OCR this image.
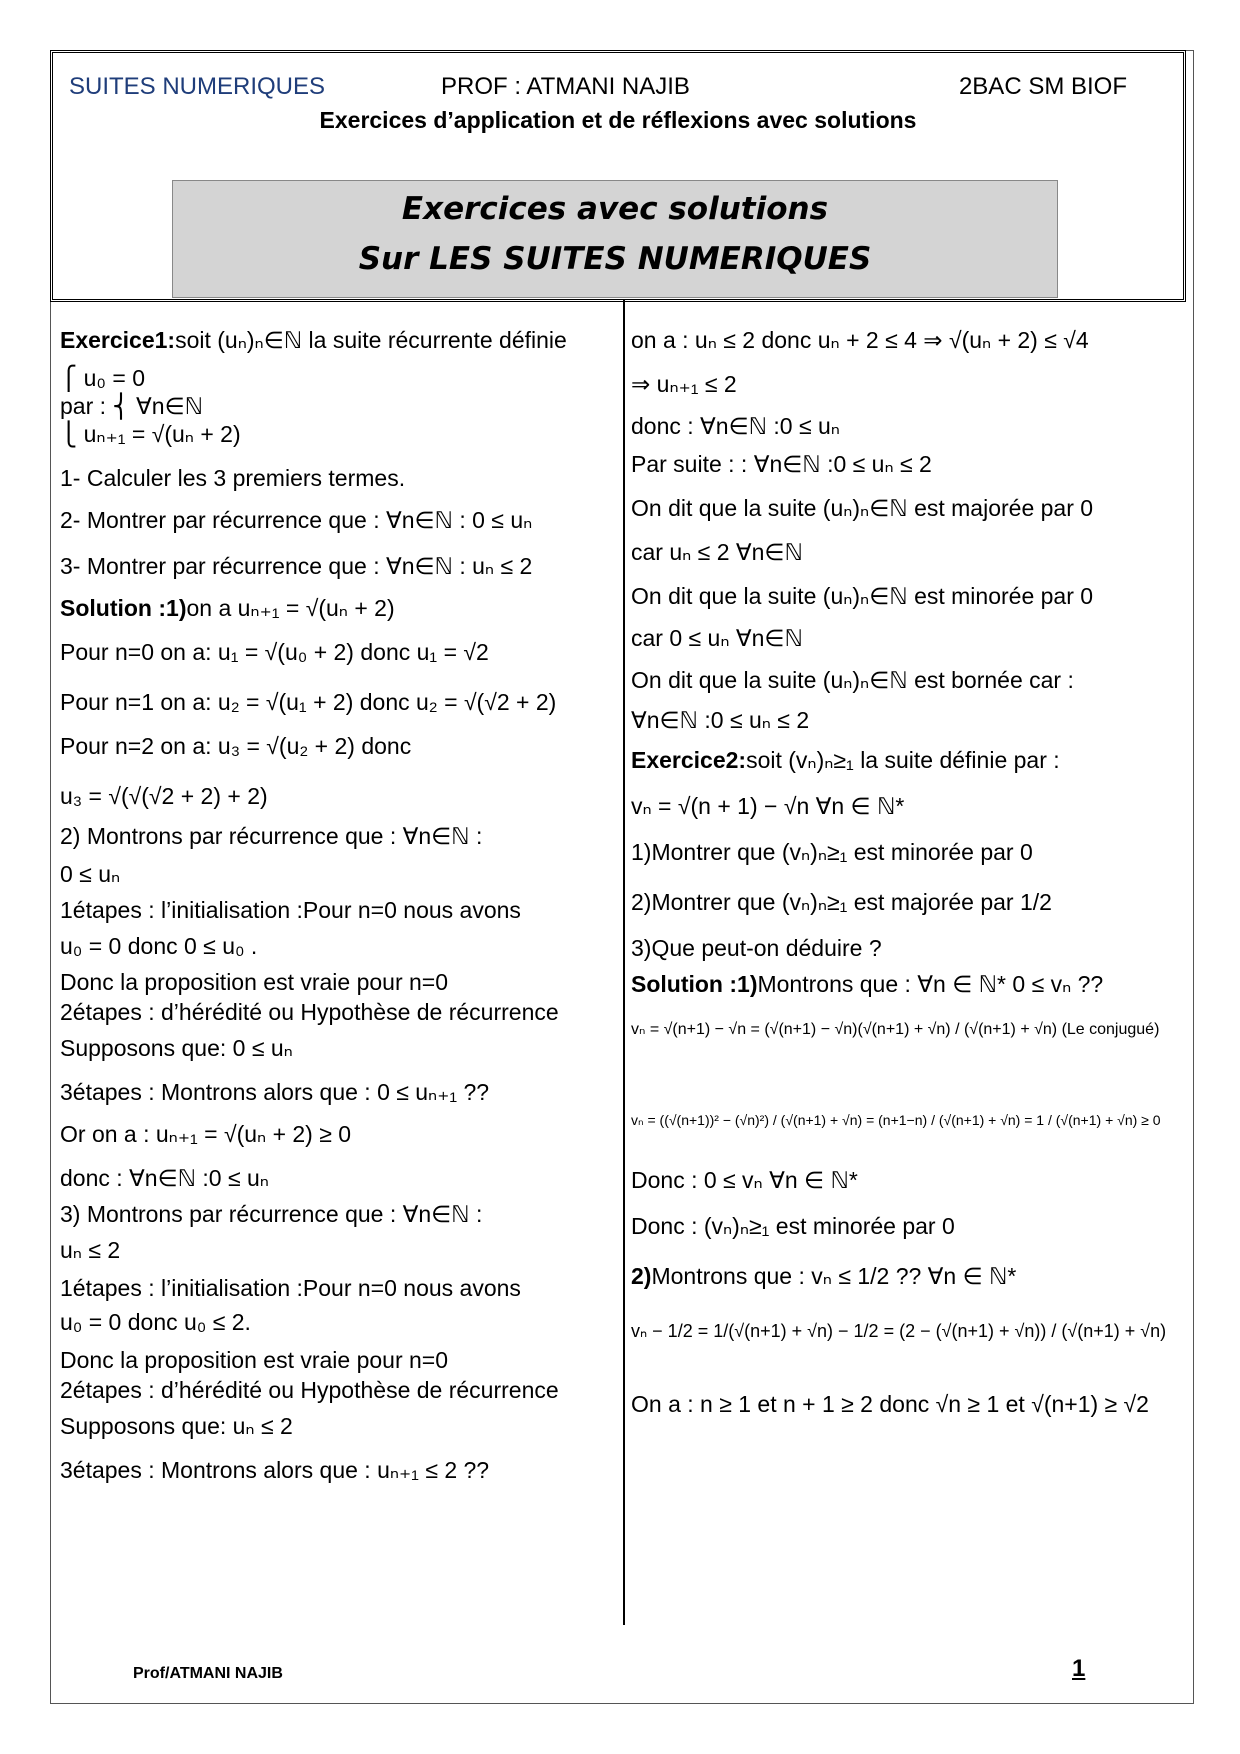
SUITES NUMERIQUES	PROF : ATMANI NAJIB	2BAC SM BIOF
Exercices d’application et de réflexions avec solutions
Exercices avec solutions
Sur LES SUITES NUMERIQUES
Exercice1:soit (uₙ)ₙ∈ℕ la suite récurrente définie
⎧ u₀ = 0
par : ⎨ ∀n∈ℕ
⎩ uₙ₊₁ = √(uₙ + 2)
1- Calculer les 3 premiers termes.
2- Montrer par récurrence que : ∀n∈ℕ : 0 ≤ uₙ
3- Montrer par récurrence que : ∀n∈ℕ : uₙ ≤ 2
Solution :1)on a uₙ₊₁ = √(uₙ + 2)
Pour n=0 on a: u₁ = √(u₀ + 2) donc u₁ = √2
Pour n=1 on a: u₂ = √(u₁ + 2) donc u₂ = √(√2 + 2)
Pour n=2 on a: u₃ = √(u₂ + 2) donc
u₃ = √(√(√2 + 2) + 2)
2) Montrons par récurrence que : ∀n∈ℕ :
0 ≤ uₙ
1étapes : l’initialisation :Pour n=0 nous avons
u₀ = 0 donc 0 ≤ u₀ .
Donc la proposition est vraie pour n=0
2étapes : d’hérédité ou Hypothèse de récurrence
Supposons que: 0 ≤ uₙ
3étapes : Montrons alors que : 0 ≤ uₙ₊₁ ??
Or on a : uₙ₊₁ = √(uₙ + 2) ≥ 0
donc : ∀n∈ℕ :0 ≤ uₙ
3) Montrons par récurrence que : ∀n∈ℕ :
uₙ ≤ 2
1étapes : l’initialisation :Pour n=0 nous avons
u₀ = 0 donc u₀ ≤ 2.
Donc la proposition est vraie pour n=0
2étapes : d’hérédité ou Hypothèse de récurrence
Supposons que: uₙ ≤ 2
3étapes : Montrons alors que : uₙ₊₁ ≤ 2 ??
on a : uₙ ≤ 2 donc uₙ + 2 ≤ 4 ⇒ √(uₙ + 2) ≤ √4
⇒ uₙ₊₁ ≤ 2
donc : ∀n∈ℕ :0 ≤ uₙ
Par suite : : ∀n∈ℕ :0 ≤ uₙ ≤ 2
On dit que la suite (uₙ)ₙ∈ℕ est majorée par 0
car uₙ ≤ 2 ∀n∈ℕ
On dit que la suite (uₙ)ₙ∈ℕ est minorée par 0
car 0 ≤ uₙ ∀n∈ℕ
On dit que la suite (uₙ)ₙ∈ℕ est bornée car :
∀n∈ℕ :0 ≤ uₙ ≤ 2
Exercice2:soit (vₙ)ₙ≥₁ la suite définie par :
vₙ = √(n + 1) − √n ∀n ∈ ℕ*
1)Montrer que (vₙ)ₙ≥₁ est minorée par 0
2)Montrer que (vₙ)ₙ≥₁ est majorée par 1/2
3)Que peut-on déduire ?
Solution :1)Montrons que : ∀n ∈ ℕ* 0 ≤ vₙ ??
vₙ = √(n+1) − √n = (√(n+1) − √n)(√(n+1) + √n) / (√(n+1) + √n) (Le conjugué)
vₙ = ((√(n+1))² − (√n)²) / (√(n+1) + √n) = (n+1−n) / (√(n+1) + √n) = 1 / (√(n+1) + √n) ≥ 0
Donc : 0 ≤ vₙ ∀n ∈ ℕ*
Donc : (vₙ)ₙ≥₁ est minorée par 0
2)Montrons que : vₙ ≤ 1/2 ?? ∀n ∈ ℕ*
vₙ − 1/2 = 1/(√(n+1) + √n) − 1/2 = (2 − (√(n+1) + √n)) / (√(n+1) + √n)
On a : n ≥ 1 et n + 1 ≥ 2 donc √n ≥ 1 et √(n+1) ≥ √2
Prof/ATMANI NAJIB	1
